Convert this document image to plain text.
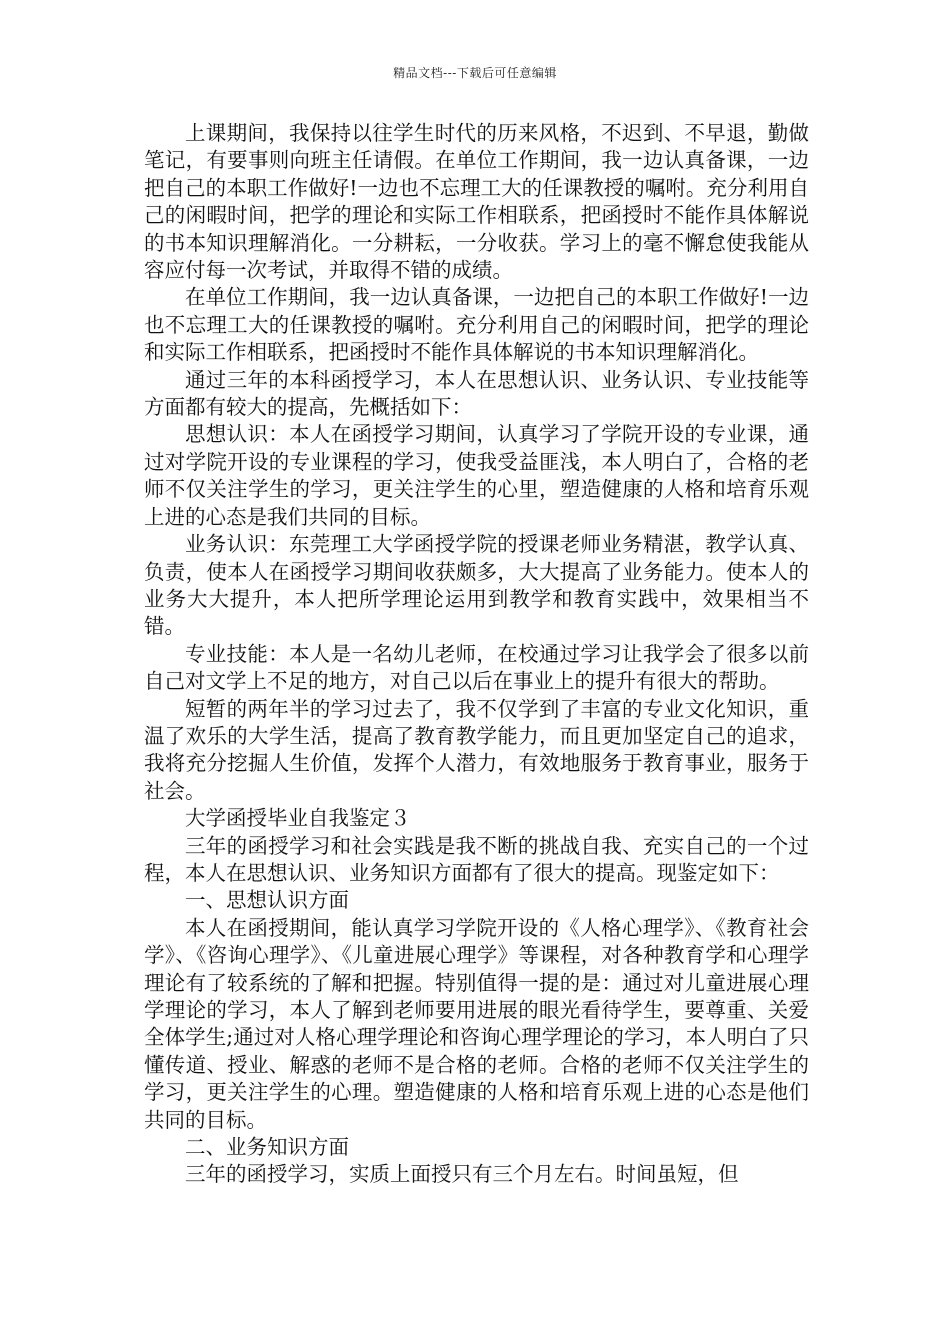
精品文档---下载后可任意编辑

上课期间，我保持以往学生时代的历来风格，不迟到、不早退，勤做笔记，有要事则向班主任请假。在单位工作期间，我一边认真备课，一边把自己的本职工作做好!一边也不忘理工大的任课教授的嘱咐。充分利用自己的闲暇时间，把学的理论和实际工作相联系，把函授时不能作具体解说的书本知识理解消化。一分耕耘，一分收获。学习上的毫不懈怠使我能从容应付每一次考试，并取得不错的成绩。

在单位工作期间，我一边认真备课，一边把自己的本职工作做好!一边也不忘理工大的任课教授的嘱咐。充分利用自己的闲暇时间，把学的理论和实际工作相联系，把函授时不能作具体解说的书本知识理解消化。

通过三年的本科函授学习，本人在思想认识、业务认识、专业技能等方面都有较大的提高，先概括如下：

思想认识：本人在函授学习期间，认真学习了学院开设的专业课，通过对学院开设的专业课程的学习，使我受益匪浅，本人明白了，合格的老师不仅关注学生的学习，更关注学生的心里，塑造健康的人格和培育乐观上进的心态是我们共同的目标。

业务认识：东莞理工大学函授学院的授课老师业务精湛，教学认真、负责，使本人在函授学习期间收获颇多，大大提高了业务能力。使本人的业务大大提升，本人把所学理论运用到教学和教育实践中，效果相当不错。

专业技能：本人是一名幼儿老师，在校通过学习让我学会了很多以前自己对文学上不足的地方，对自己以后在事业上的提升有很大的帮助。

短暂的两年半的学习过去了，我不仅学到了丰富的专业文化知识，重温了欢乐的大学生活，提高了教育教学能力，而且更加坚定自己的追求，我将充分挖掘人生价值，发挥个人潜力，有效地服务于教育事业，服务于社会。

大学函授毕业自我鉴定３

三年的函授学习和社会实践是我不断的挑战自我、充实自己的一个过程，本人在思想认识、业务知识方面都有了很大的提高。现鉴定如下：

一、思想认识方面

本人在函授期间，能认真学习学院开设的《人格心理学》、《教育社会学》、《咨询心理学》、《儿童进展心理学》等课程，对各种教育学和心理学理论有了较系统的了解和把握。特别值得一提的是：通过对儿童进展心理学理论的学习，本人了解到老师要用进展的眼光看待学生，要尊重、关爱全体学生;通过对人格心理学理论和咨询心理学理论的学习，本人明白了只懂传道、授业、解惑的老师不是合格的老师。合格的老师不仅关注学生的学习，更关注学生的心理。塑造健康的人格和培育乐观上进的心态是他们共同的目标。

二、业务知识方面

三年的函授学习，实质上面授只有三个月左右。时间虽短，但
